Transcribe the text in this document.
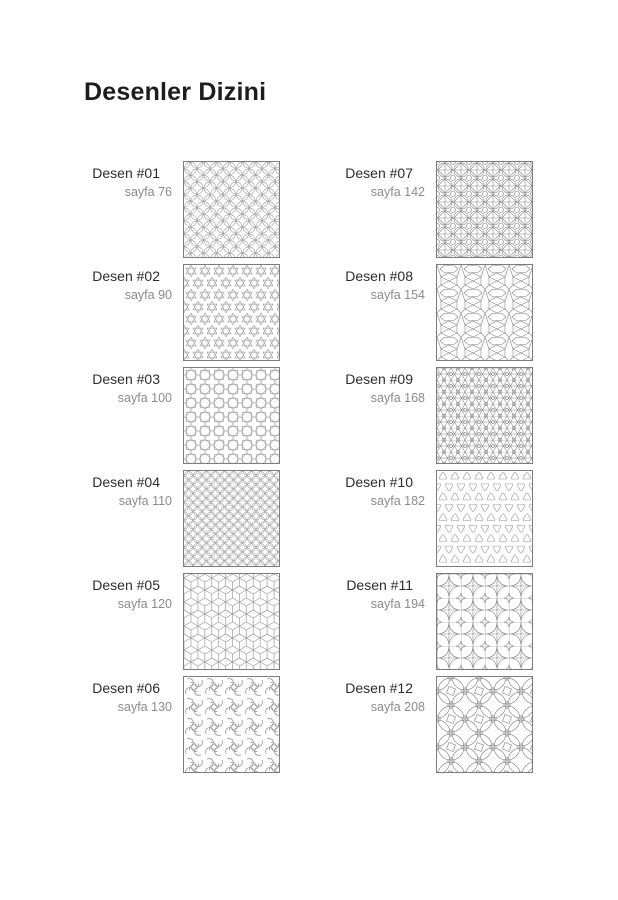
Desenler Dizini
Desen #01
sayfa 76
Desen #02
sayfa 90
Desen #03
sayfa 100
Desen #04
sayfa 110
Desen #05
sayfa 120
Desen #06
sayfa 130
Desen #07
sayfa 142
Desen #08
sayfa 154
Desen #09
sayfa 168
Desen #10
sayfa 182
Desen #11
sayfa 194
Desen #12
sayfa 208
